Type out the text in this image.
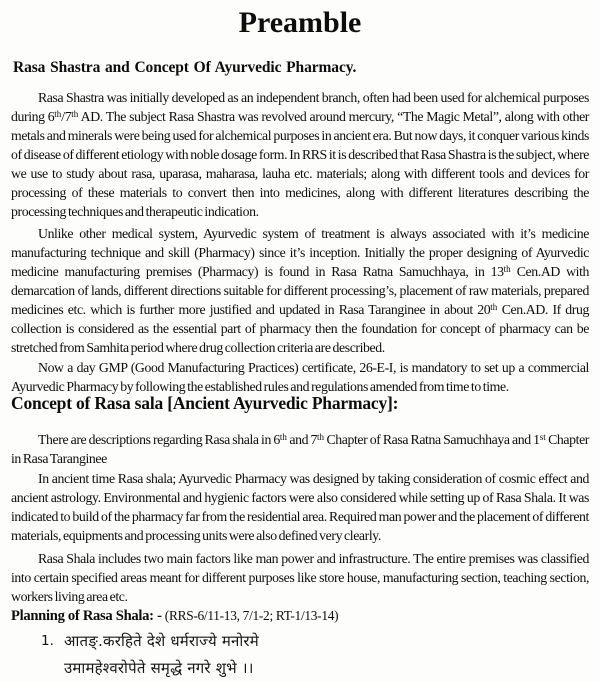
Preamble
Rasa Shastra and Concept Of Ayurvedic Pharmacy.
Rasa Shastra was initially developed as an independent branch, often had been used for alchemical purposes during 6th/7th AD. The subject Rasa Shastra was revolved around mercury, “The Magic Metal”, along with other metals and minerals were being used for alchemical purposes in ancient era. But now days, it conquer various kinds of disease of different etiology with noble dosage form. In RRS it is described that Rasa Shastra is the subject, where we use to study about rasa, uparasa, maharasa, lauha etc. materials; along with different tools and devices for processing of these materials to convert then into medicines, along with different literatures describing the processing techniques and therapeutic indication.
Unlike other medical system, Ayurvedic system of treatment is always associated with it’s medicine manufacturing technique and skill (Pharmacy) since it’s inception. Initially the proper designing of Ayurvedic medicine manufacturing premises (Pharmacy) is found in Rasa Ratna Samuchhaya, in 13th Cen.AD with demarcation of lands, different directions suitable for different processing’s, placement of raw materials, prepared medicines etc. which is further more justified and updated in Rasa Taranginee in about 20th Cen.AD. If drug collection is considered as the essential part of pharmacy then the foundation for concept of pharmacy can be stretched from Samhita period where drug collection criteria are described.
Now a day GMP (Good Manufacturing Practices) certificate, 26-E-I, is mandatory to set up a commercial Ayurvedic Pharmacy by following the established rules and regulations amended from time to time.
Concept of Rasa sala [Ancient Ayurvedic Pharmacy]:
There are descriptions regarding Rasa shala in 6th and 7th Chapter of Rasa Ratna Samuchhaya and 1st Chapter in Rasa Taranginee
In ancient time Rasa shala; Ayurvedic Pharmacy was designed by taking consideration of cosmic effect and ancient astrology. Environmental and hygienic factors were also considered while setting up of Rasa Shala. It was indicated to build of the pharmacy far from the residential area. Required man power and the placement of different materials, equipments and processing units were also defined very clearly.
Rasa Shala includes two main factors like man power and infrastructure. The entire premises was classified into certain specified areas meant for different purposes like store house, manufacturing section, teaching section, workers living area etc.
Planning of Rasa Shala: - (RRS-6/11-13, 7/1-2; RT-1/13-14)
1. आतङ्.करहिते देशे धर्मराज्ये मनोरमे
उमामहेश्वरोपेते समृद्धे नगरे शुभे ।।
